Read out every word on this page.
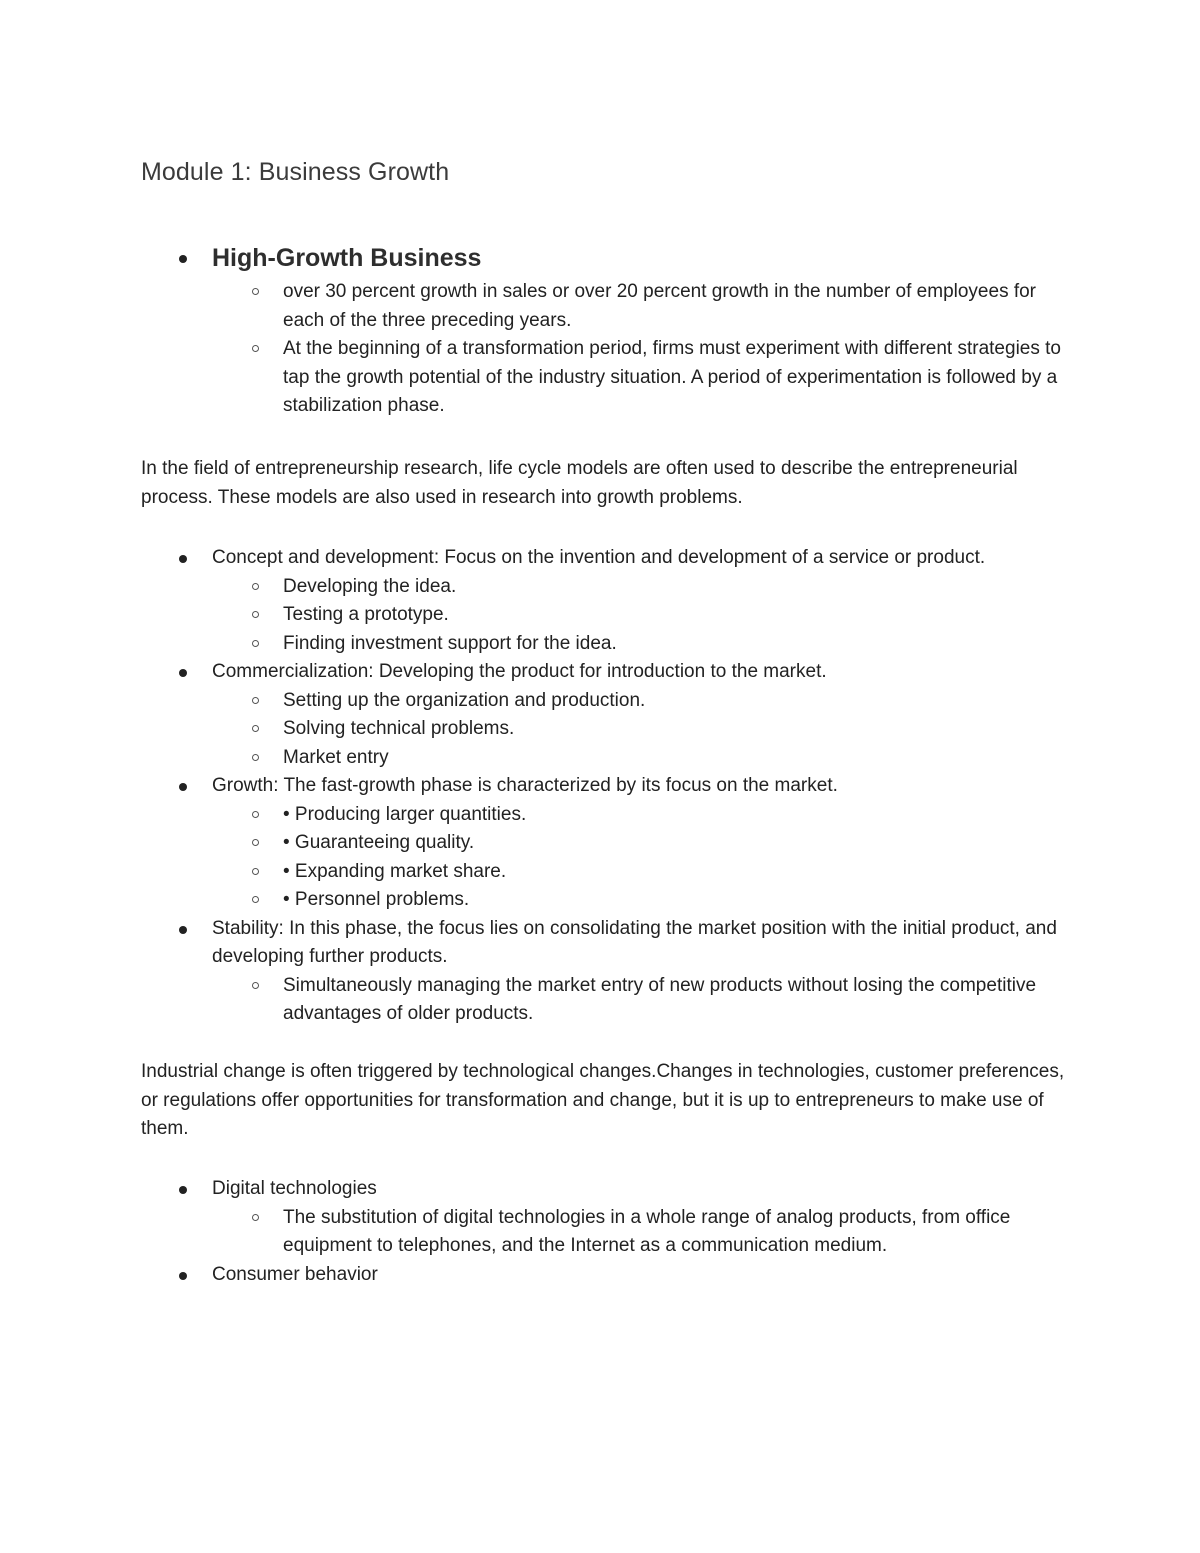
Module 1: Business Growth
High-Growth Business
over 30 percent growth in sales or over 20 percent growth in the number of employees for each of the three preceding years.
At the beginning of a transformation period, firms must experiment with different strategies to tap the growth potential of the industry situation. A period of experimentation is followed by a stabilization phase.

In the field of entrepreneurship research, life cycle models are often used to describe the entrepreneurial process. These models are also used in research into growth problems.

Concept and development: Focus on the invention and development of a service or product.
Developing the idea.
Testing a prototype.
Finding investment support for the idea.
Commercialization: Developing the product for introduction to the market.
Setting up the organization and production.
Solving technical problems.
Market entry
Growth: The fast-growth phase is characterized by its focus on the market.
• Producing larger quantities.
• Guaranteeing quality.
• Expanding market share.
• Personnel problems.
Stability: In this phase, the focus lies on consolidating the market position with the initial product, and developing further products.
Simultaneously managing the market entry of new products without losing the competitive advantages of older products.

Industrial change is often triggered by technological changes.Changes in technologies, customer preferences, or regulations offer opportunities for transformation and change, but it is up to entrepreneurs to make use of them.

Digital technologies
The substitution of digital technologies in a whole range of analog products, from office equipment to telephones, and the Internet as a communication medium.
Consumer behavior
